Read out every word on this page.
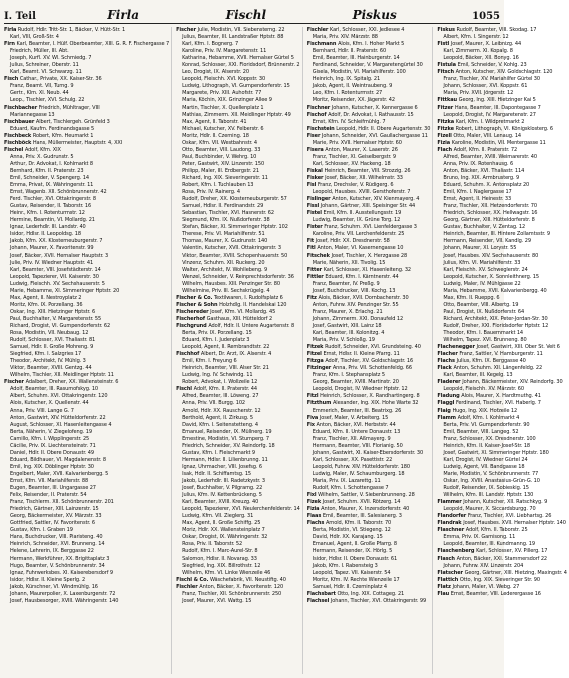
I. Teil	Firla	Fischl	Piskus	1055
Firla Rudolf, Hdlr. Tritt-Str. 1, Bäcker, V. Hütt-Str. 1
Karl, VIII, Groß-Str. 4
Firn Karl, Beamter, I. Hülf. Oberbeamter, XIII. G. R. F. Fischergasse 7
Friedrich, Müller, III. Abt.
Joseph, Kurfl. XV. Wl. Schmiedg. 7
Julius, Schreiner, Oberstr. 11
Karl, Beamt. VI. Schwarzg. 11
Fisch Cathar., Private, XX. Kaiser-Str. 36
Franz, Beamt. VII, Turng. 9
Gertr., Klm. XI. Neub. 44
Leop., Tischler, XVI. Schulg. 22
Fischbacher Friedrich, Mühltrager, VIII
Mariannegasse 13
Fischbauer Albert, Tischlergeh. Grünfeld 3
Eduard, Kaufm. Ferdinandsgasse 5
Fischbeck Robert, Kfm. Heumarkt 1
Fischböck Hans, Müllermeister, Hauptstr. 4, XXI
Fischel Adolf, Kfm. XIX
Anna, Priv. X. Gudrunstr. 5
Arthur, Dr. Advokat, I. Kohlmarkt 8
Bernhard, Kfm. II. Praterstr. 23
Emil, Schneider, V. Spengerg. 14
Emma, Privat, IX. Währingerstr. 11
Ernst, Wagenb. XII. Schönbrunnerstr. 42
Ferd. Tischler, XVI. Ottakringerstr. 8
Gustav, Reisender, II. Taborstr. 16
Heinr., Kfm. I. Rotenturmstr. 12
Hermine, Beamtin, VI. Mollardg. 21
Ignaz, Lederhdlr. III. Landstr. 40
Isidor, Hdlsr. II. Leopoldsg. 18
Jakob, Kfm. XX. Klosterneuburgerstr. 7
Johann, Maurer, X. Favoritenstr. 99
Josef, Bäcker, XVII. Hernalser Hauptstr. 3
Julie, Priv. IV. Wiedner Hauptstr. 41
Karl, Beamter, VIII. Josefstädterstr. 14
Leopold, Tapezierer, VII. Kaiserstr. 30
Ludwig, Fleischh. XV. Sechshauserstr. 5
Marie, Hebamme, XI. Simmeringer Hptstr. 20
Max, Agent, II. Nestroyplatz 2
Moritz, Kfm. IX. Porzellang. 36
Oskar, Ing. XIII. Hietzinger Hptstr. 6
Paul, Buchhalter, V. Margaretenstr. 55
Richard, Drogist, VI. Gumpendorferstr. 62
Rosa, Modistin, VII. Neubaug. 12
Rudolf, Schlosser, XVI. Thaliastr. 81
Samuel, Hdlr. II. Große Mohreng. 9
Siegfried, Kfm. I. Salzgries 17
Theodor, Architekt, IV. Mühlg. 3
Viktor, Beamter, XVIII. Gentzg. 44
Wilhelm, Tischler, XII. Meidlinger Hptstr. 11
Fischer Adalbert, Dreher, XX. Wallensteinstr. 6
Adolf, Beamter, III. Rasumofskyg. 10
Albert, Schuhm. XVI. Ottakringerstr. 120
Alois, Kutscher, X. Quellenstr. 44
Anna, Priv. VIII. Lange G. 7
Anton, Gastwirt, XIV. Hütteldorferstr. 22
August, Schlosser, XI. Hasenleitengasse 4
Berta, Näherin, V. Ziegelofeng. 19
Camillo, Kfm. I. Wipplingerstr. 25
Cäcilie, Priv. IX. Liechtensteinstr. 71
Daniel, Hdlr. II. Obere Donaustr. 49
Eduard, Bildhauer, VI. Magdalenenstr. 8
Emil, Ing. XIX. Döblinger Hptstr. 30
Engelbert, Maler, XVII. Kalvarienbergg. 5
Ernst, Kfm. VII. Mariahilferstr. 88
Eugen, Beamter, III. Ungargasse 27
Felix, Reisender, II. Praterstr. 54
Franz, Tischlerm. XII. Schönbrunnerstr. 201
Friedrich, Gärtner, XIII. Lainzerstr. 15
Georg, Bäckermeister, XV. Märzstr. 33
Gottfried, Sattler, IV. Favoritenstr. 6
Gustav, Kfm. I. Graben 19
Hans, Buchdrucker, VIII. Piaristeng. 40
Heinrich, Schneider, XVI. Brunneng. 14
Helene, Lehrerin, IX. Berggasse 22
Hermann, Werkführer, XX. Brigittaplatz 3
Hugo, Beamter, V. Schönbrunnerstr. 34
Ignaz, Fuhrwerksbes. XI. Kaiserebersdorf 9
Isidor, Hdlsr. II. Kleine Sperlg. 2
Jakob, Kürschner, VI. Windmühlg. 16
Johann, Maurerpolier, X. Laxenburgerstr. 72
Josef, Hausbesorger, XVIII. Währingerstr. 140
Fischer Julie, Modistin, VII. Siebensterng. 22
Julius, Beamter, III. Landstraßer Hptstr. 88
Karl, Kfm. I. Bognerg. 7
Karoline, Priv. IV. Margaretenstr. 11
Katharina, Hebamme, XVII. Hernalser Gürtel 5
Konrad, Schlosser, XXI. Floridsdorf, Brünnerstr. 2
Leo, Drogist, IX. Alserstr. 20
Leopold, Fleischh. XVI. Koppstr. 30
Ludwig, Lithograph, VI. Gumpendorferstr. 15
Margarete, Priv. XIII. Auhofstr. 77
Maria, Köchin, XIX. Grinzinger Allee 9
Martin, Tischler, X. Quellenplatz 1
Mathias, Zimmerm. XII. Meidlinger Hptstr. 49
Max, Agent, II. Taborstr. 41
Michael, Kutscher, XV. Felberstr. 6
Moritz, Hdlr. II. Czerning. 18
Oskar, Kfm. VII. Westbahnstr. 4
Otto, Beamter, VIII. Laudong. 33
Paul, Buchbinder, V. Wehrg. 10
Peter, Gastwirt, XIV. Linzerstr. 150
Philipp, Maler, III. Erdbergstr. 21
Richard, Ing. XIX. Sieveringerstr. 11
Robert, Kfm. I. Tuchlauben 13
Rosa, Priv. IV. Rainerg. 4
Rudolf, Dreher, XX. Klosterneuburgerstr. 57
Samuel, Hdlsr. II. Ferdinandstr. 29
Sebastian, Tischler, XVI. Hasnerstr. 62
Siegmund, Kfm. IX. Nußdorferstr. 38
Stefan, Bäcker, XI. Simmeringer Hptstr. 102
Therese, Priv. VI. Mariahilferstr. 51
Thomas, Maurer, X. Gudrunstr. 140
Valentin, Kutscher, XVII. Ottakringerstr. 3
Viktor, Beamter, XVIII. Schopenhauerstr. 50
Vinzenz, Schuhm. XII. Ruckerg. 20
Walter, Architekt, IV. Wohllebeng. 9
Wenzel, Schneider, V. Reinprechtsdorferstr. 36
Wilhelm, Hausbes. XIII. Penzinger Str. 80
Wilhelmine, Priv. III. Sechskrügelg. 4
Fischer & Co. Textilwaren, I. Rudolfsplatz 6
Fischer & Sohn Holzhdlg. II. Handelskai 120
Fischereder Josef, Kfm. VI. Mollardg. 45
Fischerhof Gasthaus, XIII. Hütteldorf 2
Fischgrund Adolf, Hdlr. II. Untere Augartenstr. 8
Berta, Priv. IX. Porzellang. 15
Eduard, Kfm. I. Judenplatz 3
Leopold, Agent, II. Rembrandtstr. 22
Fischhof Albert, Dr. Arzt, IX. Alserstr. 4
Emil, Kfm. I. Freyung 6
Heinrich, Beamter, VIII. Alser Str. 21
Ludwig, Ing. IV. Schwindg. 11
Robert, Advokat, I. Wollzeile 12
Fischl Adolf, Kfm. II. Praterstr. 44
Alfred, Beamter, III. Löweng. 27
Anna, Priv. VII. Burgg. 102
Arnold, Hdlr. XX. Rauscherstr. 12
Berthold, Agent, II. Zirkusg. 5
David, Kfm. I. Seitenstetteng. 4
Emanuel, Reisender, IX. Müllnerg. 19
Ernestine, Modistin, VI. Stumperg. 7
Friedrich, Schneider, XV. Reindorfg. 18
Gustav, Kfm. I. Fleischmarkt 9
Hermann, Hdlsr. II. Lilienbrunng. 11
Ignaz, Uhrmacher, VIII. Josefsg. 6
Isak, Hdlr. II. Schiffamtsg. 15
Jakob, Lederhdlr. III. Radetzkystr. 3
Josef, Buchhalter, V. Pilgramg. 22
Julius, Kfm. IV. Kettenbrückeng. 5
Karl, Beamter, XVIII. Kreuzg. 40
Leopold, Tapezierer, XVI. Neulerchenfelderstr. 14
Ludwig, Kfm. VII. Zieglerg. 31
Max, Agent, II. Große Schiffg. 25
Moriz, Hdlr. XX. Wallensteinplatz 7
Oskar, Drogist, IX. Währingerstr. 32
Rosa, Priv. II. Taborstr. 52
Rudolf, Kfm. I. Marc-Aurel-Str. 8
Salomon, Hdlsr. II. Novarag. 33
Siegfried, Ing. XIX. Billrothstr. 12
Wilhelm, Kfm. VI. Linke Wienzeile 46
Fischl & Co. Wäschefabrik, VII. Neustiftg. 40
Fischler Anton, Bäcker, X. Favoritenstr. 120
Franz, Tischler, XII. Schönbrunnerstr. 250
Josef, Maurer, XVI. Wattg. 15
Fischler Karl, Schlosser, XXI. Jedlesee 4
Maria, Priv. XIV. Märzstr. 88
Fischmann Alois, Kfm. I. Hoher Markt 5
Bernhard, Hdlr. II. Praterstr. 60
Emil, Beamter, III. Hainburgerstr. 14
Ferdinand, Schneider, V. Margaretengürtel 30
Gisela, Modistin, VI. Mariahilferstr. 100
Heinrich, Ing. IX. Spitalg. 21
Jakob, Agent, II. Weintraubeng. 9
Leo, Kfm. I. Rotenturmstr. 27
Moritz, Reisender, XX. Jägerstr. 42
Fischner Johann, Kutscher, X. Kennergasse 6
Fischof Adolf, Dr. Advokat, I. Rathausstr. 15
Ernst, Kfm. IV. Schleifmühlg. 7
Fischstein Leopold, Hdlr. II. Obere Augartenstr. 30
Fiser Johann, Schneider, XVI. Gaullachergasse 11
Marie, Priv. XVII. Hernalser Hptstr. 60
Fisera Anton, Maurer, X. Laaerstr. 26
Franz, Tischler, XI. Geiselbergstr. 9
Karl, Schlosser, XV. Hackeng. 18
Fiskal Heinrich, Beamter, VIII. Strozzig. 26
Fisker Josef, Bäcker, XII. Wilhelmstr. 33
Fisl Franz, Drechsler, V. Rüdigerg. 6
Leopold, Hausbes. XVIII. Gersthoferstr. 7
Fislinger Anton, Kutscher, XIV. Kienmayerg. 4
Fissl Johann, Gärtner, XIII. Speisinger Str. 44
Fistel Emil, Kfm. II. Ausstellungsstr. 19
Ludwig, Beamter, IX. Grüne Torg. 12
Fister Franz, Schuhm. XVI. Lienfeldergasse 3
Karoline, Priv. VII. Lerchenfelderstr. 25
Fit Josef, Hdlr. XX. Dresdnerstr. 58
Fitl Anton, Maler, VI. Kasernengasse 10
Fitschek Josef, Tischler, X. Herzgasse 28
Marie, Näherin, XII. Tivolig. 15
Fitter Karl, Schlosser, XI. Hasenleiteng. 32
Fittler Eduard, Kfm. I. Kärntnerstr. 44
Franz, Beamter, IV. Preßg. 9
Josef, Buchdrucker, VIII. Kochg. 13
Fitz Alois, Bäcker, XVII. Dornbacherstr. 30
Anton, Fuhrw. XIV. Penzinger Str. 55
Franz, Maurer, X. Erlachg. 21
Johann, Zimmerm. XXI. Donaufeld 12
Josef, Gastwirt, XIII. Lainz 18
Karl, Beamter, III. Kolonitzg. 4
Maria, Priv. V. Schloßg. 19
Fitzek Rudolf, Schneider, XVI. Grundsteing. 40
Fitzel Ernst, Hdlsr. II. Kleine Pfarrg. 11
Fitzga Adolf, Tischler, XV. Goldschlagstr. 16
Fitzinger Anna, Priv. VII. Schottenfeldg. 66
Franz, Kfm. I. Stephansplatz 5
Georg, Beamter, XVIII. Martinstr. 20
Leopold, Drogist, IV. Wiedner Hptstr. 12
Fitzl Heinrich, Schlosser, X. Randhartingerg. 8
Fitzthum Alexander, Ing. XIX. Hohe Warte 32
Emmerich, Beamter, III. Beatrixg. 26
Fiva Josef, Maler, V. Arbeiterg. 15
Fix Anton, Bäcker, XVI. Herbststr. 44
Eduard, Kfm. II. Untere Donaustr. 13
Franz, Tischler, XII. Aßmayerg. 9
Hermann, Beamter, VIII. Florianig. 50
Johann, Gastwirt, XI. Kaiser-Ebersdorferstr. 30
Karl, Schlosser, XX. Pasettistr. 22
Leopold, Fuhrw. XIV. Hütteldorferstr. 180
Ludwig, Maler, IV. Schaumburgerg. 18
Maria, Priv. IX. Lazarettg. 11
Rudolf, Kfm. I. Schottengasse 7
Fixl Wilhelm, Sattler, V. Siebenbrunneng. 28
Fizek Josef, Schuhm. XVII. Rötzerg. 14
Fizia Anton, Maurer, X. Inzersdorferstr. 40
Flaas Emil, Beamter, III. Salesianerg. 3
Flachs Arnold, Kfm. II. Taborstr. 70
Berta, Modistin, VI. Stiegeng. 12
David, Hdlr. XX. Karajang. 15
Emanuel, Agent, II. Große Pfarrg. 8
Hermann, Reisender, IX. Hörlg. 5
Isidor, Hdlsr. II. Obere Donaustr. 61
Jakob, Kfm. I. Rabensteig 3
Leopold, Tapez. VII. Kaiserstr. 54
Moritz, Kfm. IV. Rechte Wienzeile 17
Samuel, Hdlr. II. Czerninplatz 4
Flachsbart Otto, Ing. XIX. Cottageg. 21
Flachsel Johann, Tischler, XVI. Ottakringerstr. 99
Fiskus Rudolf, Beamter, VIII. Skodag. 17
Albert, Kfm. I. Singerstr. 12
Fistl Josef, Maurer, X. Leibnizg. 44
Karl, Zimmerm. XI. Kopalg. 8
Leopold, Bäcker, XII. Bonyg. 16
Fistula Emil, Schneider, V. Kohlg. 23
Fitsch Anton, Kutscher, XIV. Goldschlagstr. 120
Franz, Tischler, XV. Mariahilfer Gürtel 30
Johann, Schlosser, XVI. Koppstr. 61
Maria, Priv. XVII. Jörgerstr. 12
Fittkau Georg, Ing. XIII. Hietzinger Kai 5
Fitzer Hans, Beamter, III. Dapontegasse 7
Leopold, Drogist, IV. Margaretenstr. 27
Fitzka Karl, Kfm. I. Wildpretmarkt 2
Fitzke Robert, Lithograph, VI. Königsklosterg. 6
Fizell Otto, Maler, VIII. Lenaug. 14
Fizia Karoline, Modistin, VII. Mentergasse 11
Flach Adolf, Kfm. II. Praterstr. 72
Alfred, Beamter, XVIII. Weimarerstr. 40
Anna, Priv. IX. Rotenhausg. 6
Anton, Bäcker, XVI. Thaliastr. 114
Bruno, Ing. XIX. Armbrusterg. 9
Eduard, Schuhm. X. Antonsplatz 20
Emil, Kfm. I. Naglergasse 17
Ernst, Agent, II. Heinestr. 33
Franz, Tischler, XII. Hetzendorferstr. 70
Friedrich, Schlosser, XX. Hellwagstr. 16
Georg, Gärtner, XIII. Hütteldorferstr. 8
Gustav, Buchhalter, V. Zentag. 12
Heinrich, Beamter, III. Hintere Zollamtsstr. 9
Hermann, Reisender, VII. Kandlg. 29
Johann, Maurer, XI. Lorystr. 55
Josef, Hausbes. XIV. Sechshauserstr. 80
Julius, Kfm. VI. Mariahilferstr. 33
Karl, Fleischh. XV. Schweglerstr. 24
Leopold, Kutscher, X. Sonnleithnerg. 15
Ludwig, Maler, IV. Mühlgasse 22
Maria, Hebamme, XVII. Kalvarienbergg. 40
Max, Kfm. II. Rueppg. 6
Otto, Beamter, VIII. Albertg. 19
Paul, Drogist, IX. Nußdorferstr. 64
Richard, Architekt, XIX. Peter-Jordan-Str. 30
Rudolf, Dreher, XXI. Floridsdorfer Hptstr. 12
Theodor, Kfm. I. Bauernmarkt 14
Wilhelm, Tapez. XVI. Brunneng. 80
Flachenegger Josef, Gastwirt, XIII. Ober St. Veit 6
Flacher Franz, Sattler, V. Hamburgerstr. 11
Flachs Julius, Kfm. IX. Berggasse 40
Flack Anton, Schuhm. XII. Längenfeldg. 22
Karl, Beamter, III. Kegelg. 13
Fladerer Johann, Bäckermeister, XIV. Reindorfg. 30
Leopold, Fleischh. XV. Märzstr. 60
Fladung Alois, Maurer, X. Hardtmuthg. 41
Flaggl Ferdinand, Tischler, XVI. Haberlg. 7
Flaig Hugo, Ing. XIX. Hofzeile 12
Flamm Adolf, Kfm. I. Kohlmarkt 4
Berta, Priv. VI. Gumpendorferstr. 90
Emil, Beamter, VIII. Langeg. 52
Franz, Schlosser, XX. Dresdnerstr. 100
Heinrich, Kfm. II. Kaiser-Josef-Str. 18
Josef, Gastwirt, XI. Simmeringer Hptstr. 180
Karl, Drogist, IV. Wiedner Gürtel 24
Ludwig, Agent, VII. Bandgasse 18
Marie, Modistin, V. Schönbrunnerstr. 77
Oskar, Ing. XVIII. Anastasius-Grün-G. 10
Rudolf, Reisender, IX. Sobieskig. 15
Wilhelm, Kfm. III. Landstr. Hptstr. 130
Flammer Johann, Kutscher, XII. Ratschkyg. 9
Leopold, Maurer, X. Siccardsburgg. 70
Flandorfer Franz, Tischler, XVI. Liebhartsg. 26
Flandrak Josef, Hausbes. XVII. Hernalser Hptstr. 140
Flaschner Adolf, Kfm. II. Taborstr. 25
Emma, Priv. IX. Garnisong. 11
Leopold, Beamter, III. Kundmanng. 19
Flaschenberg Karl, Schlosser, XV. Pillerg. 17
Flasch Anton, Bäcker, XXI. Stammersdorf 22
Johann, Fuhrw. XIV. Linzerstr. 204
Flatscher Georg, Gärtner, XIII. Hietzing, Maxingstr. 4
Flattich Otto, Ing. XIX. Sieveringer Str. 90
Flatz Johann, Maler, VI. Webg. 27
Flau Ernst, Beamter, VIII. Lederergasse 16
